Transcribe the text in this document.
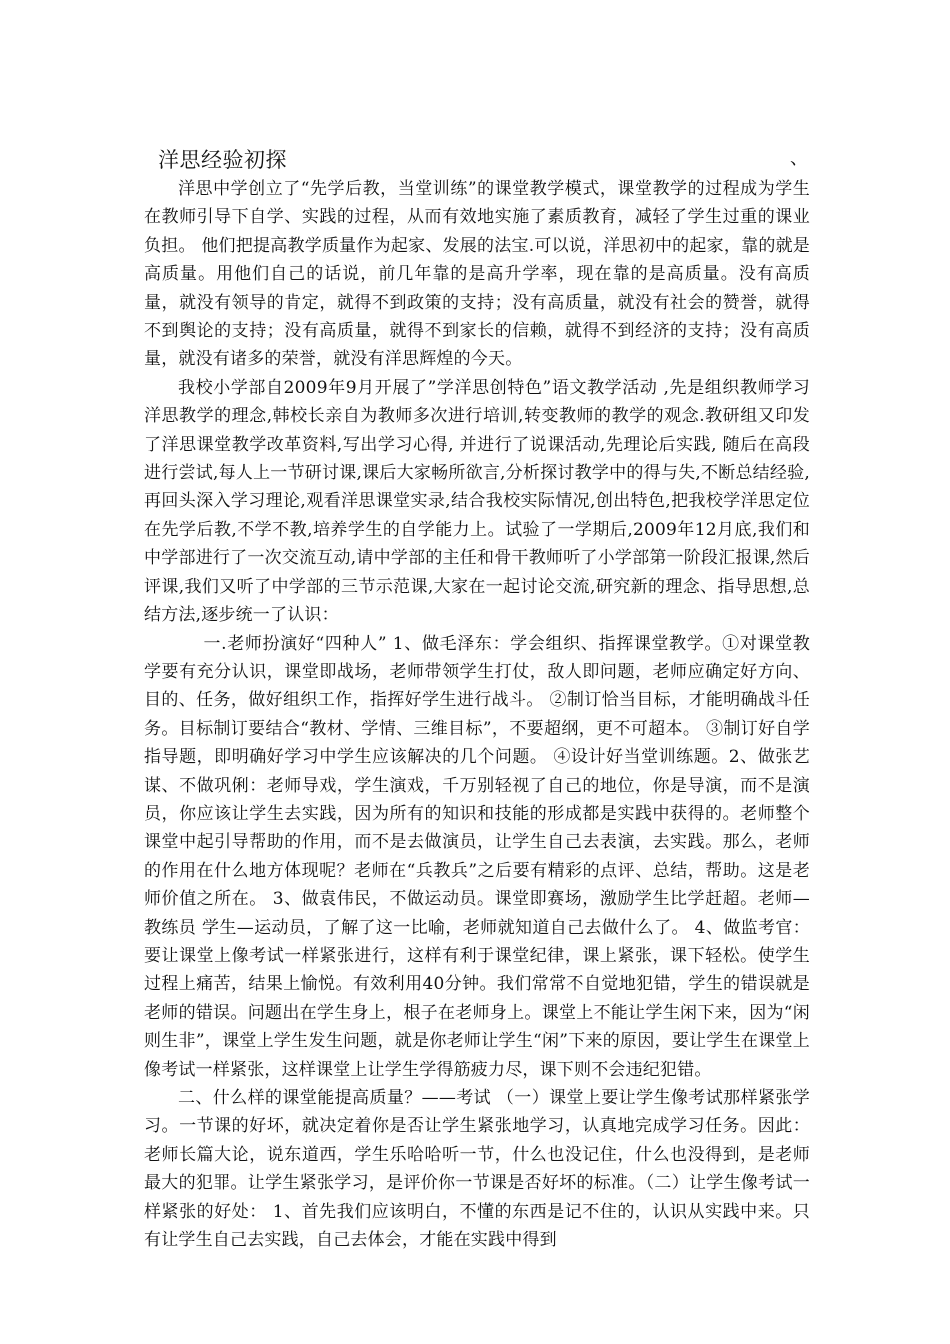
洋思经验初探	、

洋思中学创立了“先学后教，当堂训练”的课堂教学模式，课堂教学的过程成为学生在教师引导下自学、实践的过程，从而有效地实施了素质教育，减轻了学生过重的课业负担。 他们把提高教学质量作为起家、发展的法宝.可以说，洋思初中的起家，靠的就是高质量。用他们自己的话说，前几年靠的是高升学率，现在靠的是高质量。没有高质量，就没有领导的肯定，就得不到政策的支持；没有高质量，就没有社会的赞誉，就得不到舆论的支持；没有高质量，就得不到家长的信赖，就得不到经济的支持；没有高质量，就没有诸多的荣誉，就没有洋思辉煌的今天。

我校小学部自2009年9月开展了”学洋思创特色”语文教学活动 ,先是组织教师学习洋思教学的理念,韩校长亲自为教师多次进行培训,转变教师的教学的观念.教研组又印发了洋思课堂教学改革资料,写出学习心得, 并进行了说课活动,先理论后实践, 随后在高段进行尝试,每人上一节研讨课,课后大家畅所欲言,分析探讨教学中的得与失,不断总结经验,再回头深入学习理论,观看洋思课堂实录,结合我校实际情况,创出特色,把我校学洋思定位在先学后教,不学不教,培养学生的自学能力上。试验了一学期后,2009年12月底,我们和中学部进行了一次交流互动,请中学部的主任和骨干教师听了小学部第一阶段汇报课,然后评课,我们又听了中学部的三节示范课,大家在一起讨论交流,研究新的理念、指导思想,总结方法,逐步统一了认识：

一.老师扮演好“四种人” 1、做毛泽东：学会组织、指挥课堂教学。①对课堂教学要有充分认识，课堂即战场，老师带领学生打仗，敌人即问题，老师应确定好方向、目的、任务，做好组织工作，指挥好学生进行战斗。 ②制订恰当目标，才能明确战斗任务。目标制订要结合“教材、学情、三维目标”，不要超纲，更不可超本。 ③制订好自学指导题，即明确好学习中学生应该解决的几个问题。 ④设计好当堂训练题。2、做张艺谋、不做巩俐：老师导戏，学生演戏，千万别轻视了自己的地位，你是导演，而不是演员，你应该让学生去实践，因为所有的知识和技能的形成都是实践中获得的。老师整个课堂中起引导帮助的作用，而不是去做演员，让学生自己去表演，去实践。那么，老师的作用在什么地方体现呢？老师在“兵教兵”之后要有精彩的点评、总结，帮助。这是老师价值之所在。 3、做袁伟民，不做运动员。课堂即赛场，激励学生比学赶超。老师—教练员 学生—运动员，了解了这一比喻，老师就知道自己去做什么了。 4、做监考官：要让课堂上像考试一样紧张进行，这样有利于课堂纪律，课上紧张，课下轻松。使学生过程上痛苦，结果上愉悦。有效利用40分钟。我们常常不自觉地犯错，学生的错误就是老师的错误。问题出在学生身上，根子在老师身上。课堂上不能让学生闲下来，因为“闲则生非”，课堂上学生发生问题，就是你老师让学生“闲”下来的原因，要让学生在课堂上像考试一样紧张，这样课堂上让学生学得筋疲力尽，课下则不会违纪犯错。

二、什么样的课堂能提高质量？——考试 （一）课堂上要让学生像考试那样紧张学习。一节课的好坏，就决定着你是否让学生紧张地学习，认真地完成学习任务。因此：老师长篇大论，说东道西，学生乐哈哈听一节，什么也没记住，什么也没得到，是老师最大的犯罪。让学生紧张学习，是评价你一节课是否好坏的标准。（二）让学生像考试一样紧张的好处： 1、首先我们应该明白，不懂的东西是记不住的，认识从实践中来。只有让学生自己去实践，自己去体会，才能在实践中得到
